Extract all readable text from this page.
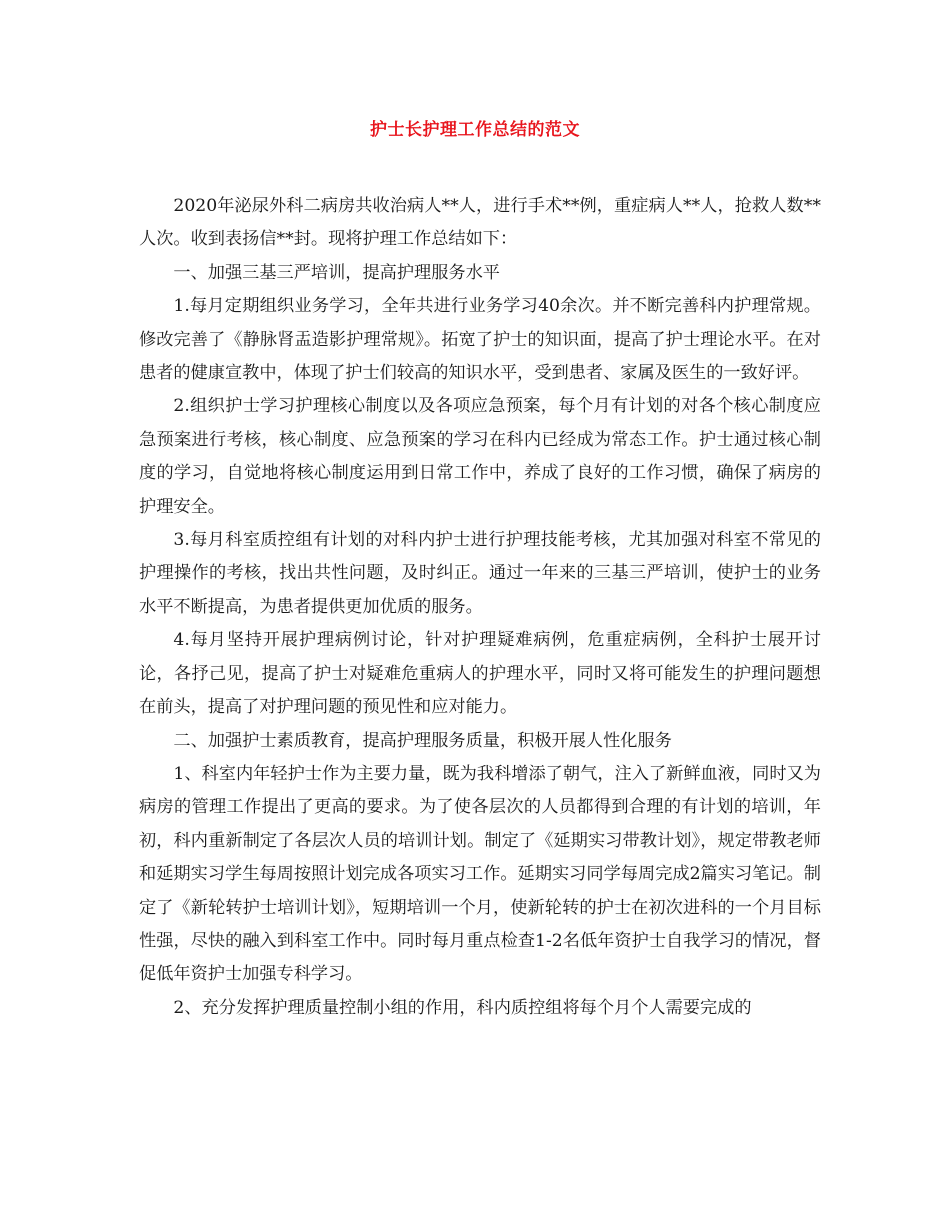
护士长护理工作总结的范文

2020年泌尿外科二病房共收治病人**人，进行手术**例，重症病人**人，抢救人数**人次。收到表扬信**封。现将护理工作总结如下：

一、加强三基三严培训，提高护理服务水平

1.每月定期组织业务学习，全年共进行业务学习40余次。并不断完善科内护理常规。修改完善了《静脉肾盂造影护理常规》。拓宽了护士的知识面，提高了护士理论水平。在对患者的健康宣教中，体现了护士们较高的知识水平，受到患者、家属及医生的一致好评。

2.组织护士学习护理核心制度以及各项应急预案，每个月有计划的对各个核心制度应急预案进行考核，核心制度、应急预案的学习在科内已经成为常态工作。护士通过核心制度的学习，自觉地将核心制度运用到日常工作中，养成了良好的工作习惯，确保了病房的护理安全。

3.每月科室质控组有计划的对科内护士进行护理技能考核，尤其加强对科室不常见的护理操作的考核，找出共性问题，及时纠正。通过一年来的三基三严培训，使护士的业务水平不断提高，为患者提供更加优质的服务。

4.每月坚持开展护理病例讨论，针对护理疑难病例，危重症病例，全科护士展开讨论，各抒己见，提高了护士对疑难危重病人的护理水平，同时又将可能发生的护理问题想在前头，提高了对护理问题的预见性和应对能力。

二、加强护士素质教育，提高护理服务质量，积极开展人性化服务

1、科室内年轻护士作为主要力量，既为我科增添了朝气，注入了新鲜血液，同时又为病房的管理工作提出了更高的要求。为了使各层次的人员都得到合理的有计划的培训，年初，科内重新制定了各层次人员的培训计划。制定了《延期实习带教计划》，规定带教老师和延期实习学生每周按照计划完成各项实习工作。延期实习同学每周完成2篇实习笔记。制定了《新轮转护士培训计划》，短期培训一个月，使新轮转的护士在初次进科的一个月目标性强，尽快的融入到科室工作中。同时每月重点检查1-2名低年资护士自我学习的情况，督促低年资护士加强专科学习。

2、充分发挥护理质量控制小组的作用，科内质控组将每个月个人需要完成的
